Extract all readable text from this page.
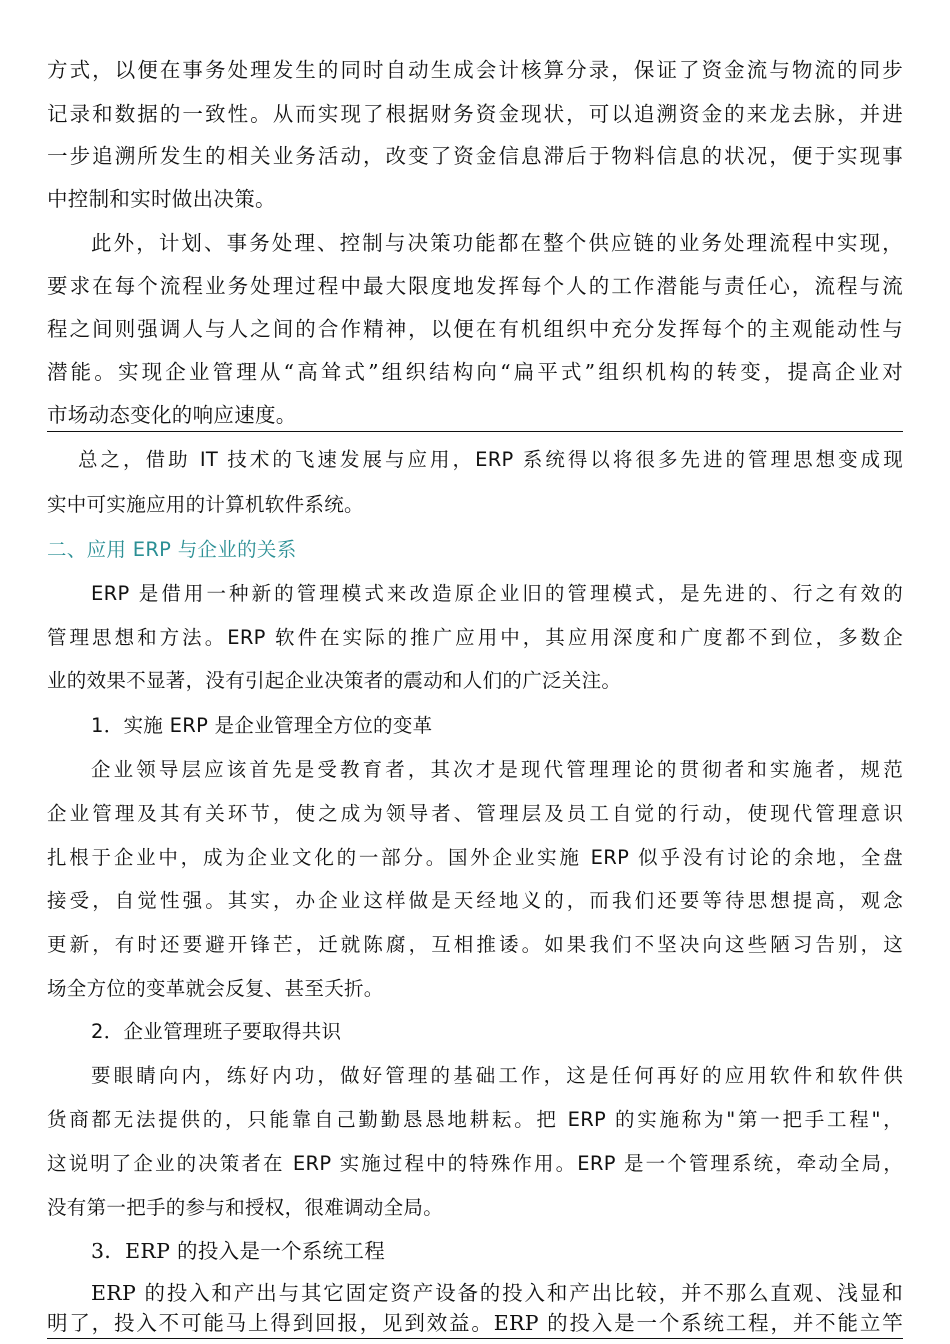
方式，以便在事务处理发生的同时自动生成会计核算分录，保证了资金流与物流的同步
记录和数据的一致性。从而实现了根据财务资金现状，可以追溯资金的来龙去脉，并进
一步追溯所发生的相关业务活动，改变了资金信息滞后于物料信息的状况，便于实现事
中控制和实时做出决策。
此外，计划、事务处理、控制与决策功能都在整个供应链的业务处理流程中实现，
要求在每个流程业务处理过程中最大限度地发挥每个人的工作潜能与责任心，流程与流
程之间则强调人与人之间的合作精神，以便在有机组织中充分发挥每个的主观能动性与
潜能。实现企业管理从“高耸式”组织结构向“扁平式”组织机构的转变，提高企业对
市场动态变化的响应速度。
总之，借助 IT 技术的飞速发展与应用，ERP 系统得以将很多先进的管理思想变成现
实中可实施应用的计算机软件系统。
二、应用 ERP 与企业的关系
ERP 是借用一种新的管理模式来改造原企业旧的管理模式，是先进的、行之有效的
管理思想和方法。ERP 软件在实际的推广应用中，其应用深度和广度都不到位，多数企
业的效果不显著，没有引起企业决策者的震动和人们的广泛关注。
1．实施 ERP 是企业管理全方位的变革
企业领导层应该首先是受教育者，其次才是现代管理理论的贯彻者和实施者，规范
企业管理及其有关环节，使之成为领导者、管理层及员工自觉的行动，使现代管理意识
扎根于企业中，成为企业文化的一部分。国外企业实施 ERP 似乎没有讨论的余地，全盘
接受，自觉性强。其实，办企业这样做是天经地义的，而我们还要等待思想提高，观念
更新，有时还要避开锋芒，迁就陈腐，互相推诿。如果我们不坚决向这些陋习告别，这
场全方位的变革就会反复、甚至夭折。
2．企业管理班子要取得共识
要眼睛向内，练好内功，做好管理的基础工作，这是任何再好的应用软件和软件供
货商都无法提供的，只能靠自己勤勤恳恳地耕耘。把 ERP 的实施称为"第一把手工程"，
这说明了企业的决策者在 ERP 实施过程中的特殊作用。ERP 是一个管理系统，牵动全局，
没有第一把手的参与和授权，很难调动全局。
3．ERP 的投入是一个系统工程
ERP 的投入和产出与其它固定资产设备的投入和产出比较，并不那么直观、浅显和
明了，投入不可能马上得到回报，见到效益。ERP 的投入是一个系统工程，并不能立竿
